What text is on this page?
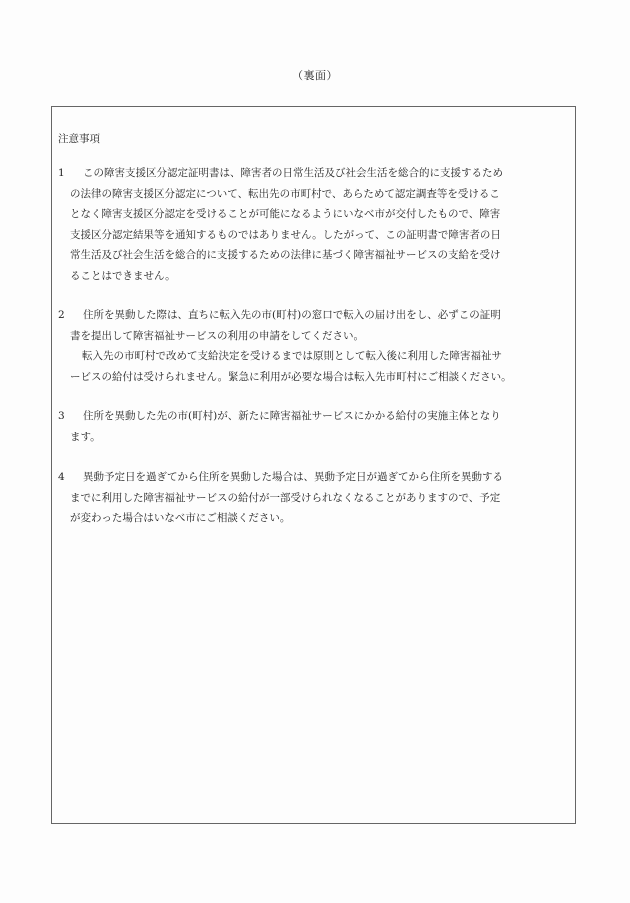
（裏面）
注意事項
1	この障害支援区分認定証明書は、障害者の日常生活及び社会生活を総合的に支援するため
の法律の障害支援区分認定について、転出先の市町村で、あらためて認定調査等を受けるこ
となく障害支援区分認定を受けることが可能になるようにいなべ市が交付したもので、障害
支援区分認定結果等を通知するものではありません。したがって、この証明書で障害者の日
常生活及び社会生活を総合的に支援するための法律に基づく障害福祉サービスの支給を受け
ることはできません。
2	住所を異動した際は、直ちに転入先の市(町村)の窓口で転入の届け出をし、必ずこの証明
書を提出して障害福祉サービスの利用の申請をしてください。
転入先の市町村で改めて支給決定を受けるまでは原則として転入後に利用した障害福祉サ
ービスの給付は受けられません。緊急に利用が必要な場合は転入先市町村にご相談ください。
3	住所を異動した先の市(町村)が、新たに障害福祉サービスにかかる給付の実施主体となり
ます。
4	異動予定日を過ぎてから住所を異動した場合は、異動予定日が過ぎてから住所を異動する
までに利用した障害福祉サービスの給付が一部受けられなくなることがありますので、予定
が変わった場合はいなべ市にご相談ください。
